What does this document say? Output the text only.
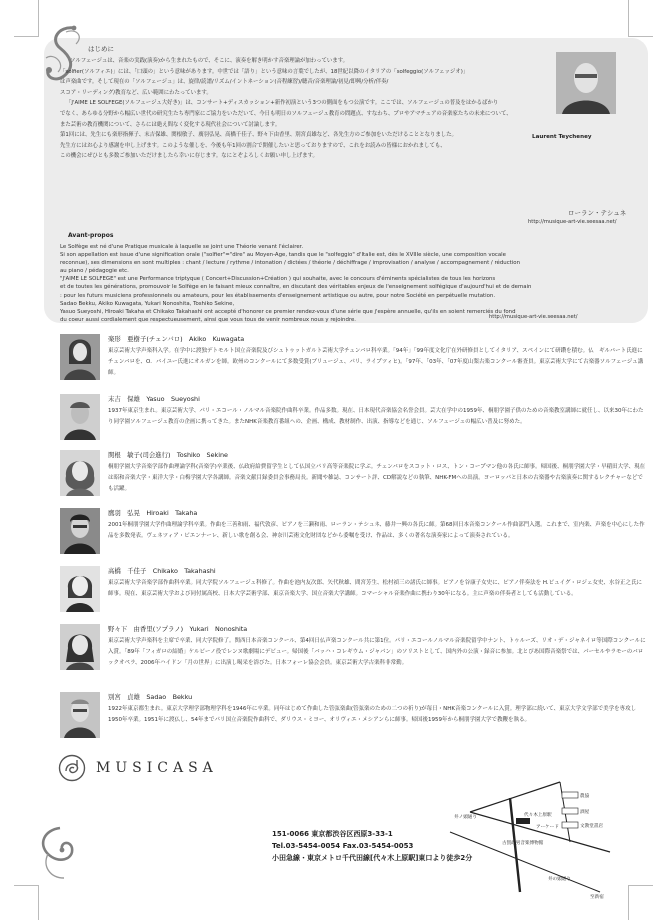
はじめに

ソルフェージュは、音楽の実践(演奏)から生まれたもので、そこに、演奏を解き明かす音楽理論が加わっています。

「solfier(ソルフィエ)」には、「口頭の」という意味があります。中世では「語り」という意味の言葉でしたが、18世紀以降のイタリアの「solfeggio(ソルフェッジオ)」

は声楽曲です。そして現在の「ソルフェージュ」は、旋律/読譜/リズム/イントネーション(音程練習)/聴音/音楽理論/初見/即興/分析/伴奏/

スコア・リーディング/教育など、広い範囲にわたっています。

「J'AIME LE SOLFEGE(ソルフェージュ大好き)」は、コンサート+ディスカッション+新作初演という3つの側面をもつ公演です。ここでは、ソルフェージュの普及をはかるばかり

でなく、あらゆる分野から幅広い世代の研究生たち専門家にご協力をいただいて、今日も明日のソルフェージュ教育の問題点、すなわち、プロやアマチュアの音楽家たちの未来について、

また芸術の教育機関について、さらには絶え間なく変化する現代社会について討論します。

第1回には、先生にも楽形指揮子、末吉保雄、関根敏子、廣羽弘晃、高橋千佳子、野々下由香里、別宮貞雄など、各先生方のご参加をいただけることとなりました。

先生方にはお心より感謝を申し上げます。このような催しを、今後も年1回の割合で開催したいと思っておりますので、これをお読みの皆様におかれましても、

この機会にぜひとも多数ご参加いただけましたら幸いに存じます。なにとぞよろしくお願い申し上げます。

Laurent Teycheney
ローラン・テシュネ
http://musique-art-vie.seesaa.net/
Avant-propos

Le Solfège est né d'une Pratique musicale à laquelle se joint une Théorie venant l'éclairer.

Si son appellation est issue d'une signification orale ("solfier"="dire" au Moyen-Age, tandis que le "solfeggio" d'Italie est, dès le XVIIIe siècle, une composition vocale

reconnue), ses dimensions en sont multiples : chant / lecture / rythme / intonation / dictées / théorie / déchiffrage / improvisation / analyse / accompagnement / réduction

au piano / pédagogie etc.

"J'AIME LE SOLFEGE" est une Performance triptyque ( Concert+Discussion+Création ) qui souhaite, avec le concours d'éminents spécialistes de tous les horizons

et de toutes les générations, promouvoir le Solfège en le faisant mieux connaître, en discutant des véritables enjeux de l'enseignement solfégique d'aujourd'hui et de demain

: pour les futurs musiciens professionnels ou amateurs, pour les établissements d'enseignement artistique ou autre, pour notre Société en perpétuelle mutation.

Sadao Bekku, Akiko Kuwagata, Yukari Nonoshita, Toshiko Sekine,

Yasuo Sueyoshi, Hiroaki Takaha et Chikako Takahashi ont accepté d'honorer ce premier rendez-vous d'une série que j'espère annuelle, qu'ils en soient remerciés du fond

du coeur aussi cordialement que respectueusement, ainsi que vous tous de venir nombreux nous y rejoindre.	http://musique-art-vie.seesaa.net/
楽形　亜樹子(チェンバロ)　Akiko　Kuwagata
東京芸術大学声楽科入学。在学中に渡独デトモルト国立音楽院及びシュトゥットガルト芸術大学チェンバロ科卒業。「94年」「99年度文化庁在外研修員としてイタリア、スペインにて研鑽を積む。仏　ギルバート氏進にチェンバロを、O．バイユー氏進にオルガンを師。欧州のコンクールにて多数受賞(ブリュージュ、パリ、ライプツィヒ)。「97年、「03年、「07年度山梨古楽コンクール審査員。東京芸術大学にて古楽器ソルフェージュ講師。
末吉　保雄　Yasuo　Sueyoshi
1937年東京生まれ。東京芸術大学、パリ・エコール・ノルマル音楽院作曲科卒業。作品多数。現在、日本現代音楽協会名誉会員。芸大在学中の1959年、桐朋学園子供のための音楽教室講師に就任し、以来30年にわたり同学園ソルフェージュ教育の企画に携ってきた。またNHK音楽教育番組への、企画、構成、教材制作、出演、指導などを通じ、ソルフェージュの幅広い普及に努めた。
関根　敏子(司会進行)　Toshiko　Sekine
桐朋学園大学音楽学部作曲理論学科(音楽学)卒業後、仏政府給費留学生として仏国立パリ高等音楽院に学ぶ。チェンバロをスコット・ロス、トン・コープマン他の各氏に師事。帰国後、桐朋学園大学・早稲田大学、現在は昭和音楽大学・東洋大学・白梅学園大学各講師。音楽文献目録委員会事務局長。新聞や雑誌、コンサート評、CD解説などの執筆、NHK-FMへの出演。ヨーロッパと日本の古楽器や古楽演奏に関するレクチャーなどでも活躍。
鷹羽　弘晃　Hiroaki　Takaha
2001年桐朋学園大学作曲理論学科卒業。作曲を三善和雨、福代敦彦、ピアノを三瀬和雨、ローラン・テシュネ、藤井一興の各氏に師。第68回日本音楽コンクール作曲部門入選。これまで、室内楽、声楽を中心にした作品を多数発表。ヴェネツィア・ビエンナーレ、新しい歌を創る会、神奈川芸術文化財団などから委嘱を受け、作品は、多くの著名な演奏家によって演奏されている。
高橋　千佳子　Chikako　Takahashi
東京芸術大学音楽学部作曲科卒業。同大学院ソルフェージュ科修了。作曲を池内友次郎、矢代秋雄、間宮芳生、松村禎三の諸氏に師事。ピアノを谷康子女史に、ピアノ伴奏法を H.ビュイグ・ロジェ女史、水谷正之氏に師事。現在、東京芸術大学および同付属高校、日本大学芸術学部、東京音楽大学、国立音楽大学講師。コマーシャル音楽作曲に携わり30年になる。主に声楽の伴奏者としても活動している。
野々下　由香里(ソプラノ)　Yukari　Nonoshita
東京芸術大学声楽科を主席で卒業、同大学院修了。関西日本音楽コンクール、第4回日仏声楽コンクール共に第1位。パリ・エコールノルマル音楽院留学中ナント、トゥルーズ、リオ・デ・ジャネイロ等国際コンクールに入賞。「89年「フィガロの結婚」ケルビーノ役でレンヌ歌劇場にデビュー。帰国後「バッハ・コレギウム・ジャパン」のソリストとして、国内外の公演・録音に参加。北とぴあ国際音楽祭では、パーセルやラモーのバロックオペラ、2006年ハイドン「月の世界」に出演し喝采を浴びた。日本フォーレ協会会員。東京芸術大学古楽科非常勤。
別宮　貞雄　Sadao　Bekku
1922年東京都生まれ。東京大学理学部物理学科を1946年に卒業。同年はじめて作曲した管弦楽曲(管弦楽のための二つの祈り)が毎日・NHK音楽コンクールに入賞。理学部に続いて、東京大学文学部で美学を専攻し1950年卒業。1951年に渡仏し、54年までパリ国立音楽院作曲科で、ダリウス・ミヨー、オリヴィエ・メシアンらに師事。帰国後1959年から桐朋学園大学で教鞭を執る。
MUSICASA
151-0066 東京都渋谷区西原3-33-1
Tel.03-5454-0054 Fax.03-5454-0053
小田急線・東京メトロ千代田線[代々木上原駅]東口より徒歩2分
農協
酒屋
文教堂書店
代々木上原駅
アーケード
古賀政男音楽博物館
井ノ頭通り
井の頭通り
至新宿
